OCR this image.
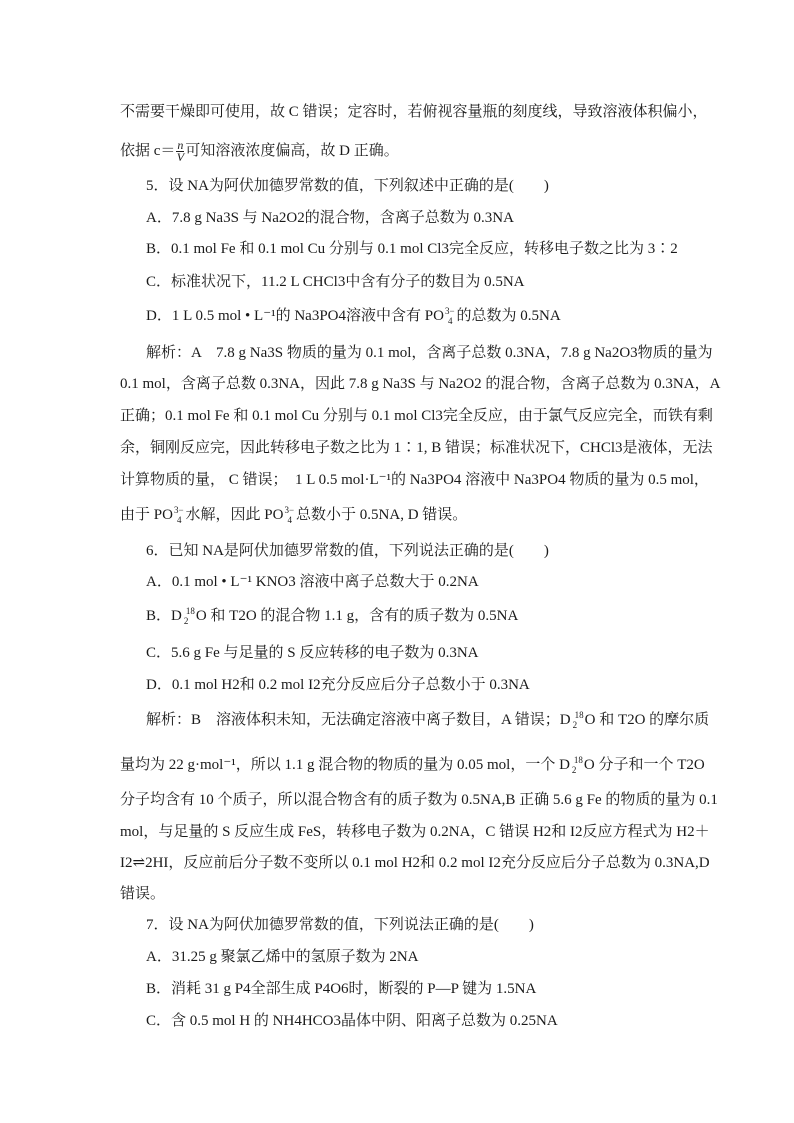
不需要干燥即可使用，故 C 错误；定容时，若俯视容量瓶的刻度线，导致溶液体积偏小，
依据 $c= \frac{n}{V}$ 可知溶液浓度偏高，故 D 正确。
5．设 NA为阿伏加德罗常数的值，下列叙述中正确的是(　　)
A．7.8 g Na3S 与 Na2O2的混合物，含离子总数为 0.3NA
B．0.1 mol Fe 和 0.1 mol Cu 分别与 0.1 mol Cl3完全反应，转移电子数之比为 3∶2
C．标准状况下，11.2 L CHCl3中含有分子的数目为 0.5NA
D．1 L 0.5 mol • L⁻¹的 Na3PO4溶液中含有 PO 3−
4 的总数为 0.5NA
解析：A　7.8 g Na3S 物质的量为 0.1 mol，含离子总数 0.3NA，7.8 g Na2O3物质的量为
0.1 mol，含离子总数 0.3NA，因此 7.8 g Na3S 与 Na2O2 的混合物，含离子总数为 0.3NA，A
正确；0.1 mol Fe 和 0.1 mol Cu 分别与 0.1 mol Cl3完全反应，由于氯气反应完全，而铁有剩
余，铜刚反应完，因此转移电子数之比为 1∶1, B 错误；标准状况下，CHCl3是液体，无法
计算物质的量， C 错误；　1 L 0.5 mol·L⁻¹的 Na3PO4 溶液中 Na3PO4 物质的量为 0.5 mol，
由于 PO 3−
4 水解，因此 PO 3−
4 总数小于 0.5NA, D 错误。
6．已知 NA是阿伏加德罗常数的值，下列说法正确的是(　　)
A．0.1 mol • L⁻¹ KNO3 溶液中离子总数大于 0.2NA
B．D 18
2 O 和 T2O 的混合物 1.1 g，含有的质子数为 0.5NA
C．5.6 g Fe 与足量的 S 反应转移的电子数为 0.3NA
D．0.1 mol H2和 0.2 mol I2充分反应后分子总数小于 0.3NA
解析：B　溶液体积未知，无法确定溶液中离子数目，A 错误；D 18
2 O 和 T2O 的摩尔质
量均为 22 g·mol⁻¹，所以 1.1 g 混合物的物质的量为 0.05 mol，一个 D 18
2 O 分子和一个 T2O
分子均含有 10 个质子，所以混合物含有的质子数为 0.5NA,B 正确 5.6 g Fe 的物质的量为 0.1
mol，与足量的 S 反应生成 FeS，转移电子数为 0.2NA，C 错误 H2和 I2反应方程式为 H2＋
I2⇌2HI，反应前后分子数不变所以 0.1 mol H2和 0.2 mol I2充分反应后分子总数为 0.3NA,D
错误。
7．设 NA为阿伏加德罗常数的值，下列说法正确的是(　　)
A．31.25 g 聚氯乙烯中的氢原子数为 2NA
B．消耗 31 g P4全部生成 P4O6时，断裂的 P—P 键为 1.5NA
C．含 0.5 mol H 的 NH4HCO3晶体中阴、阳离子总数为 0.25NA
